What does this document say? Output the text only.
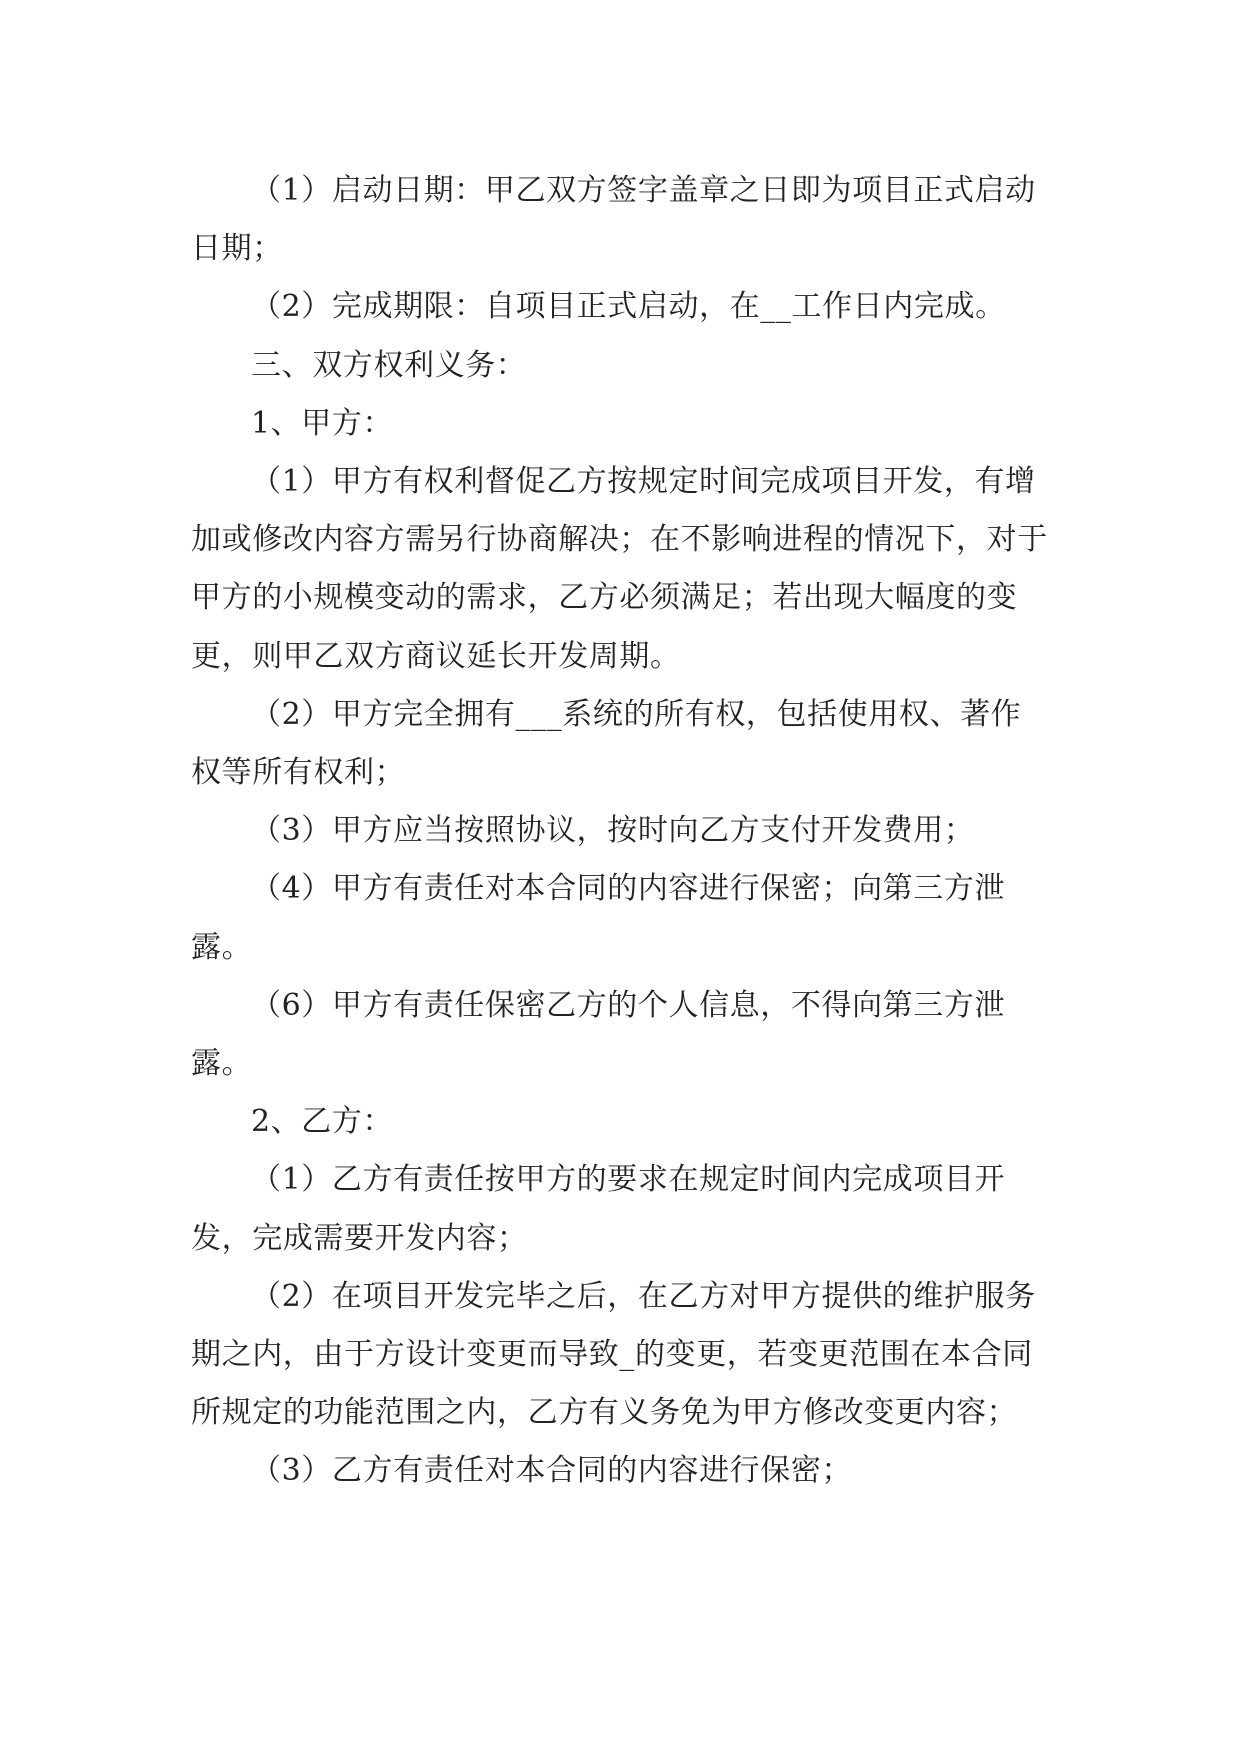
（1）启动日期：甲乙双方签字盖章之日即为项目正式启动日期；

（2）完成期限：自项目正式启动，在__工作日内完成。

三、双方权利义务：

1、甲方：

（1）甲方有权利督促乙方按规定时间完成项目开发，有增加或修改内容方需另行协商解决；在不影响进程的情况下，对于甲方的小规模变动的需求，乙方必须满足；若出现大幅度的变更，则甲乙双方商议延长开发周期。

（2）甲方完全拥有___系统的所有权，包括使用权、著作权等所有权利；

（3）甲方应当按照协议，按时向乙方支付开发费用；

（4）甲方有责任对本合同的内容进行保密；向第三方泄露。

（6）甲方有责任保密乙方的个人信息，不得向第三方泄露。

2、乙方：

（1）乙方有责任按甲方的要求在规定时间内完成项目开发，完成需要开发内容；

（2）在项目开发完毕之后，在乙方对甲方提供的维护服务期之内，由于方设计变更而导致_的变更，若变更范围在本合同所规定的功能范围之内，乙方有义务免为甲方修改变更内容；

（3）乙方有责任对本合同的内容进行保密；
